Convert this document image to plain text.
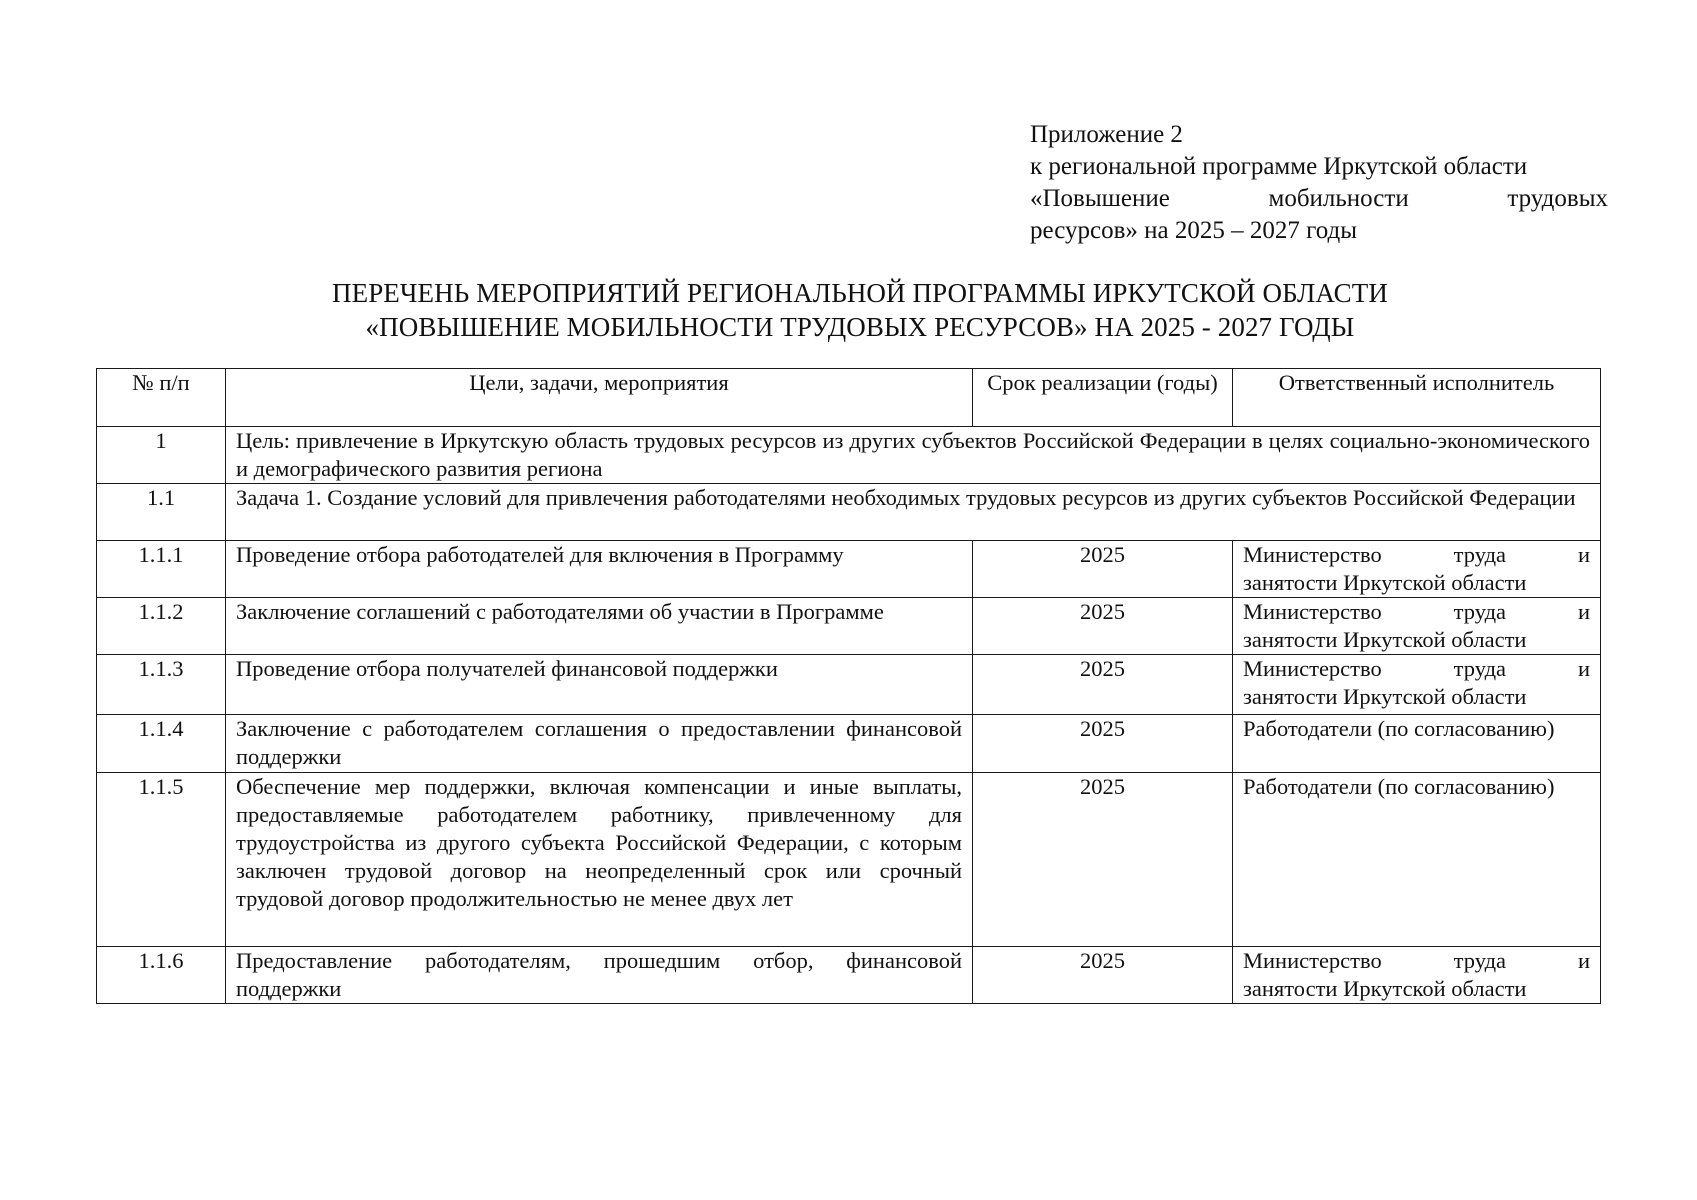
Приложение 2
к региональной программе Иркутской области
«Повышение	мобильности	трудовых
ресурсов» на 2025 – 2027 годы
ПЕРЕЧЕНЬ МЕРОПРИЯТИЙ РЕГИОНАЛЬНОЙ ПРОГРАММЫ ИРКУТСКОЙ ОБЛАСТИ
«ПОВЫШЕНИЕ МОБИЛЬНОСТИ ТРУДОВЫХ РЕСУРСОВ» НА 2025 - 2027 ГОДЫ
№ п/п	Цели, задачи, мероприятия	Срок реализации (годы)	Ответственный исполнитель
1	Цель: привлечение в Иркутскую область трудовых ресурсов из других субъектов Российской Федерации в целях социально-экономического и демографического развития региона		
1.1	Задача 1. Создание условий для привлечения работодателями необходимых трудовых ресурсов из других субъектов Российской Федерации		
1.1.1	Проведение отбора работодателей для включения в Программу	2025	Министерство труда и
занятости Иркутской области

1.1.2	Заключение соглашений с работодателями об участии в Программе	2025	Министерство труда и
занятости Иркутской области

1.1.3	Проведение отбора получателей финансовой поддержки	2025	Министерство труда и
занятости Иркутской области

1.1.4	Заключение с работодателем соглашения о предоставлении финансовой поддержки	2025	Работодатели (по согласованию)
1.1.5	Обеспечение мер поддержки, включая компенсации и иные выплаты, предоставляемые работодателем работнику, привлеченному для трудоустройства из другого субъекта Российской Федерации, с которым заключен трудовой договор на неопределенный срок или срочный трудовой договор продолжительностью не менее двух лет	2025	Работодатели (по согласованию)
1.1.6	Предоставление работодателям, прошедшим отбор, финансовой поддержки	2025	Министерство труда и
занятости Иркутской области
